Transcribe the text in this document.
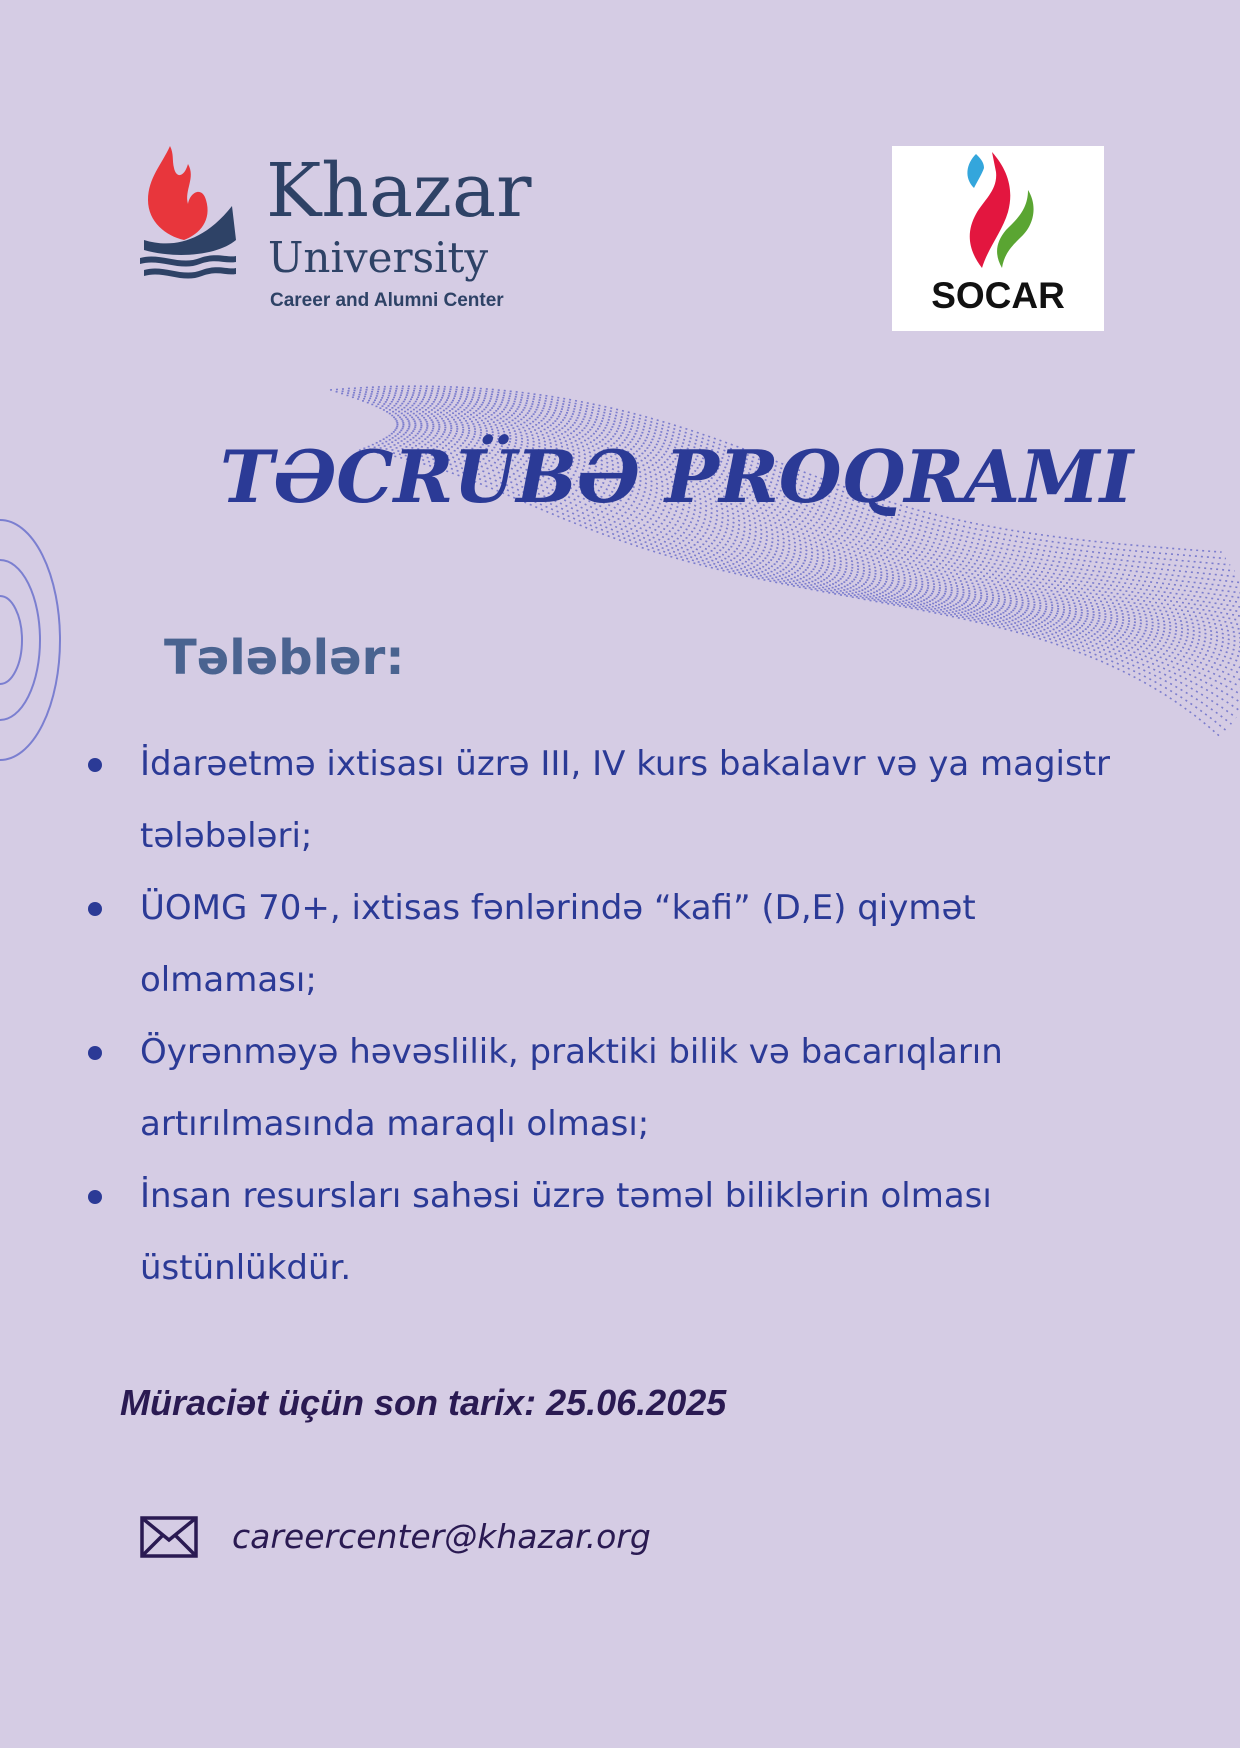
Khazar
University
Career and Alumni Center	SOCAR
TƏCRÜBƏ PROQRAMI
Tələblər:
İdarəetmə ixtisası üzrə III, IV kurs bakalavr və ya magistr tələbələri;
ÜOMG 70+, ixtisas fənlərində “kafi” (D,E) qiymət olmaması;
Öyrənməyə həvəslilik, praktiki bilik və bacarıqların artırılmasında maraqlı olması;
İnsan resursları sahəsi üzrə təməl biliklərin olması üstünlükdür.
Müraciət üçün son tarix: 25.06.2025
careercenter@khazar.org
